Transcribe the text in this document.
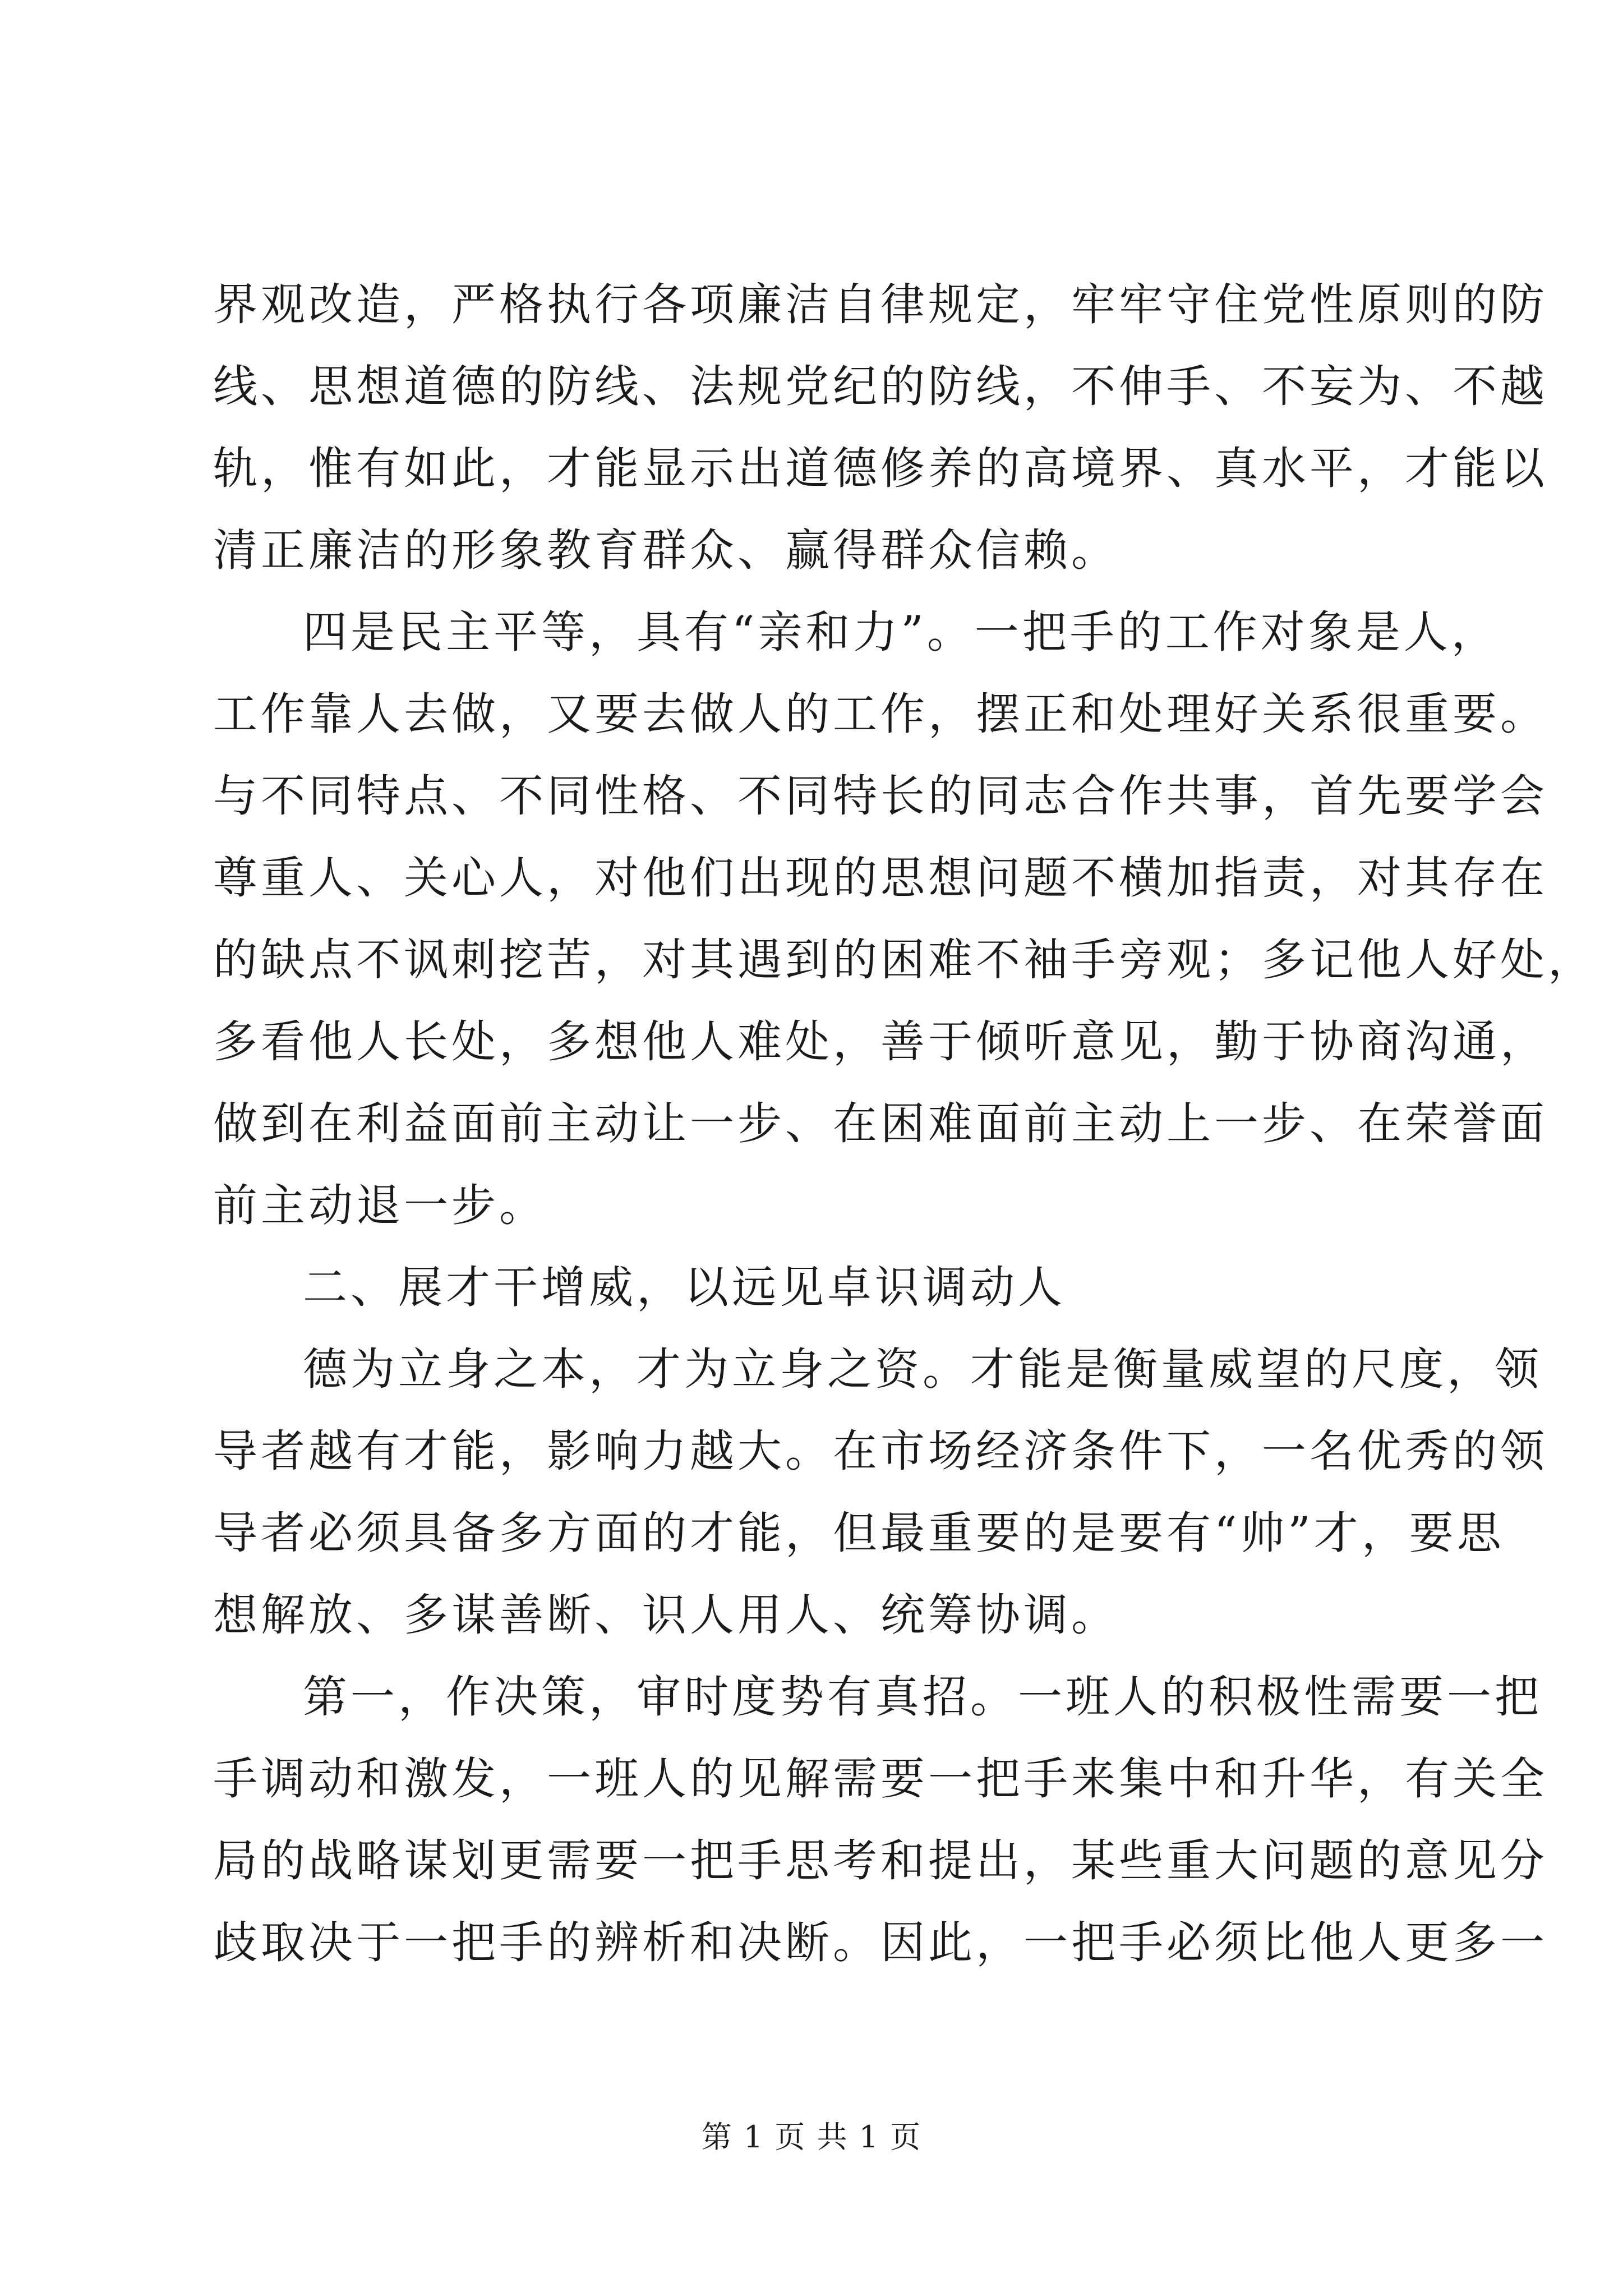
界观改造，严格执行各项廉洁自律规定，牢牢守住党性原则的防
线、思想道德的防线、法规党纪的防线，不伸手、不妄为、不越
轨，惟有如此，才能显示出道德修养的高境界、真水平，才能以
清正廉洁的形象教育群众、赢得群众信赖。
四是民主平等，具有“亲和力”。一把手的工作对象是人，
工作靠人去做，又要去做人的工作，摆正和处理好关系很重要。
与不同特点、不同性格、不同特长的同志合作共事，首先要学会
尊重人、关心人，对他们出现的思想问题不横加指责，对其存在
的缺点不讽刺挖苦，对其遇到的困难不袖手旁观；多记他人好处，
多看他人长处，多想他人难处，善于倾听意见，勤于协商沟通，
做到在利益面前主动让一步、在困难面前主动上一步、在荣誉面
前主动退一步。
二、展才干增威，以远见卓识调动人
德为立身之本，才为立身之资。才能是衡量威望的尺度，领
导者越有才能，影响力越大。在市场经济条件下，一名优秀的领
导者必须具备多方面的才能，但最重要的是要有“帅”才，要思
想解放、多谋善断、识人用人、统筹协调。
第一，作决策，审时度势有真招。一班人的积极性需要一把
手调动和激发，一班人的见解需要一把手来集中和升华，有关全
局的战略谋划更需要一把手思考和提出，某些重大问题的意见分
歧取决于一把手的辨析和决断。因此，一把手必须比他人更多一
第 1 页 共 1 页
